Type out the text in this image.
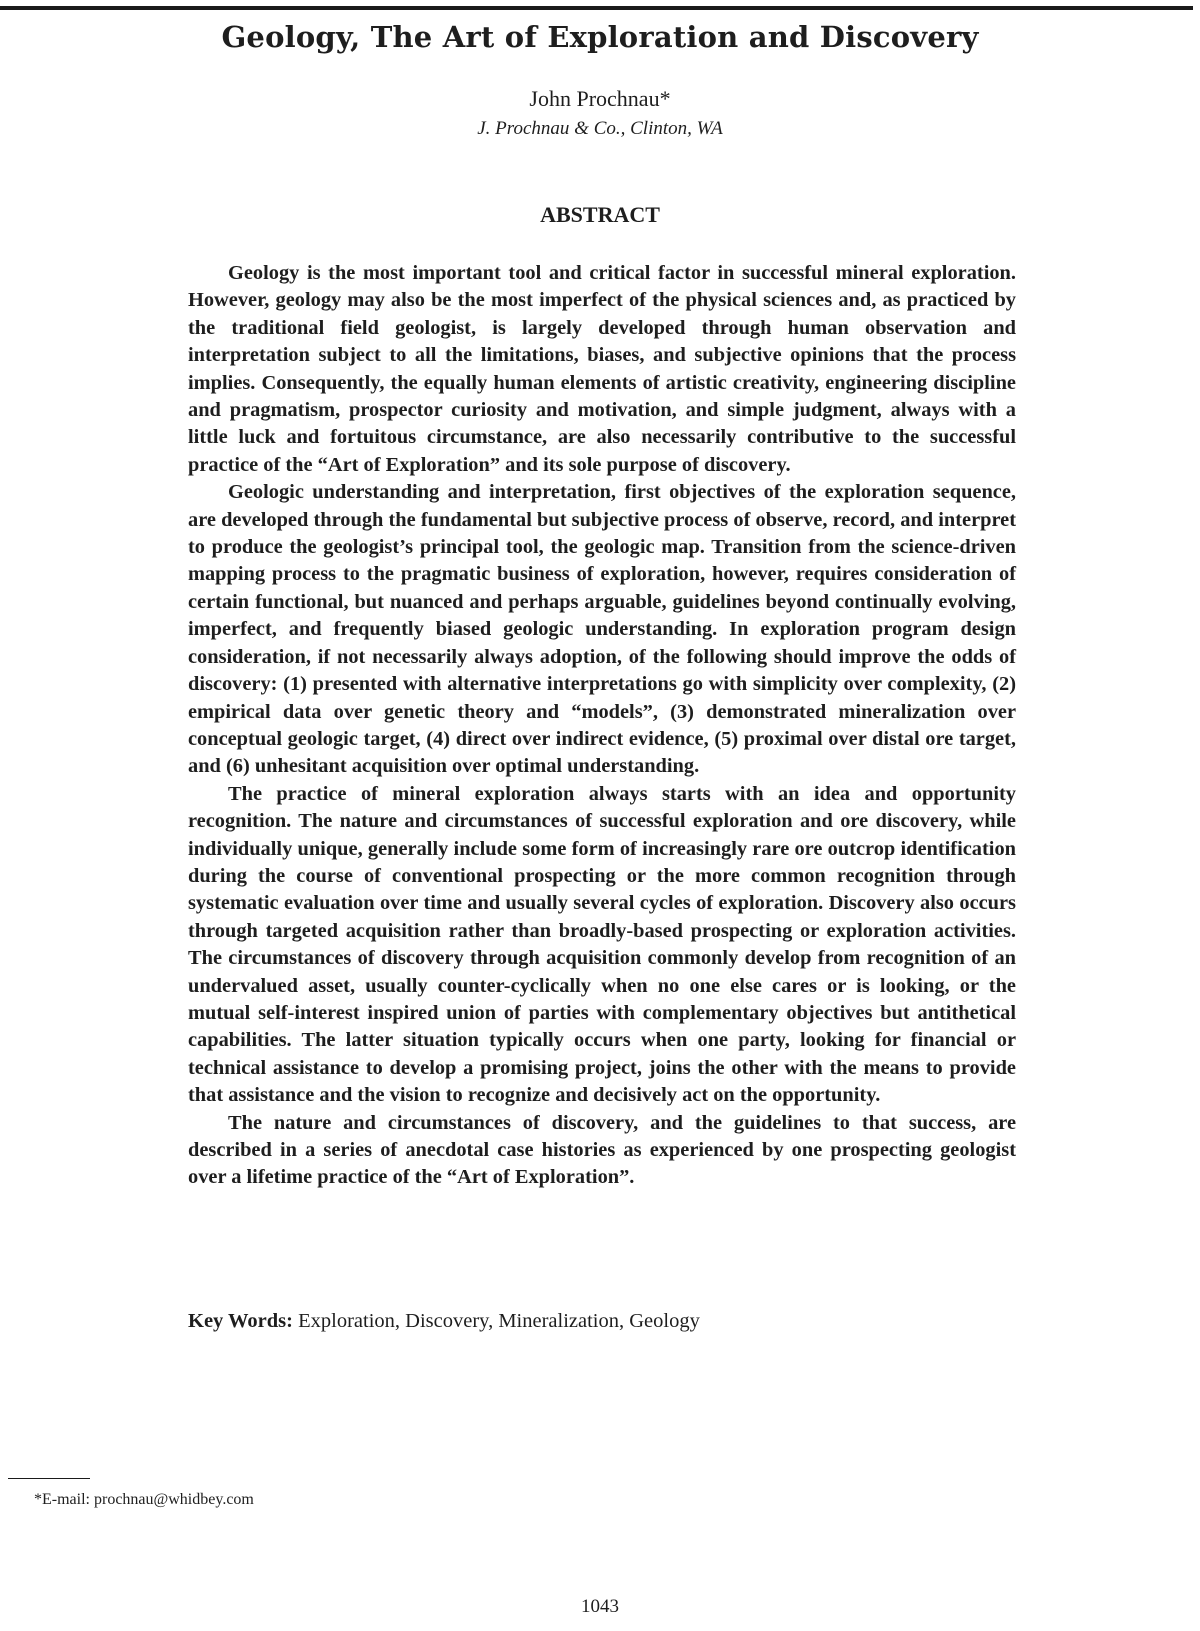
Geology, The Art of Exploration and Discovery
John Prochnau*
J. Prochnau & Co., Clinton, WA
ABSTRACT

Geology is the most important tool and critical factor in successful mineral exploration. However, geology may also be the most imperfect of the physical sciences and, as practiced by the traditional field geologist, is largely developed through human observation and interpretation subject to all the limitations, biases, and subjective opinions that the process implies. Consequently, the equally human elements of artistic creativity, engineering discipline and pragmatism, prospector curiosity and motivation, and simple judgment, always with a little luck and fortuitous circumstance, are also necessarily contributive to the successful practice of the “Art of Exploration” and its sole purpose of discovery.

Geologic understanding and interpretation, first objectives of the exploration sequence, are developed through the fundamental but subjective process of observe, record, and interpret to produce the geologist’s principal tool, the geologic map. Transition from the science-driven mapping process to the pragmatic business of exploration, however, requires consideration of certain functional, but nuanced and perhaps arguable, guidelines beyond continually evolving, imperfect, and frequently biased geologic understanding. In exploration program design consideration, if not necessarily always adoption, of the following should improve the odds of discovery: (1) presented with alternative interpretations go with simplicity over complexity, (2) empirical data over genetic theory and “models”, (3) demonstrated mineralization over conceptual geologic target, (4) direct over indirect evidence, (5) proximal over distal ore target, and (6) unhesitant acquisition over optimal understanding.

The practice of mineral exploration always starts with an idea and opportunity recognition. The nature and circumstances of successful exploration and ore discovery, while individually unique, generally include some form of increasingly rare ore outcrop identification during the course of conventional prospecting or the more common recognition through systematic evaluation over time and usually several cycles of exploration. Discovery also occurs through targeted acquisition rather than broadly-based prospecting or exploration activities. The circumstances of discovery through acquisition commonly develop from recognition of an undervalued asset, usually counter-cyclically when no one else cares or is looking, or the mutual self-interest inspired union of parties with complementary objectives but antithetical capabilities. The latter situation typically occurs when one party, looking for financial or technical assistance to develop a promising project, joins the other with the means to provide that assistance and the vision to recognize and decisively act on the opportunity.

The nature and circumstances of discovery, and the guidelines to that success, are described in a series of anecdotal case histories as experienced by one prospecting geologist over a lifetime practice of the “Art of Exploration”.

Key Words: Exploration, Discovery, Mineralization, Geology
*E-mail: prochnau@whidbey.com
1043
